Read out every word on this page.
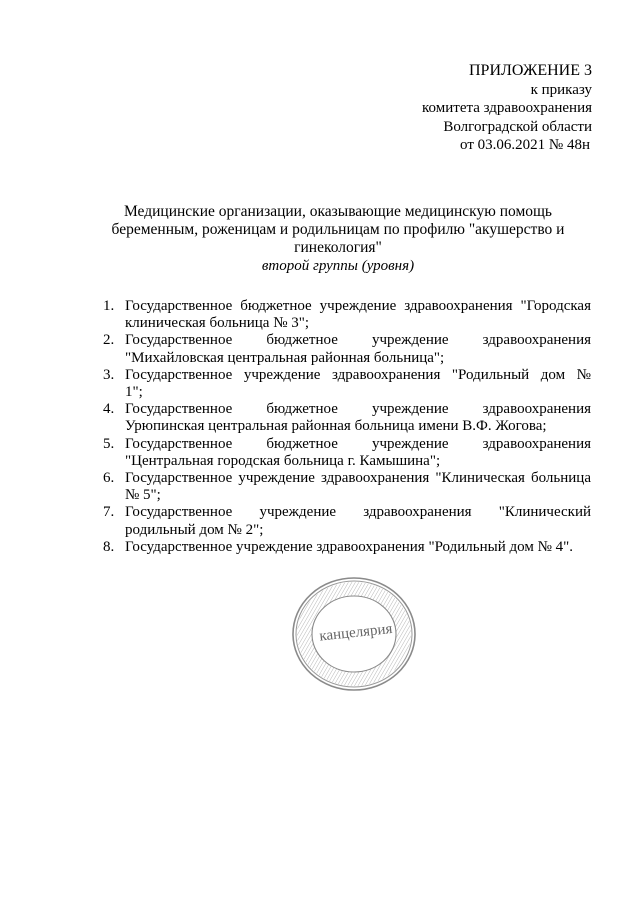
ПРИЛОЖЕНИЕ 3
к приказу
комитета здравоохранения
Волгоградской области
от 03.06.2021 № 48н
Медицинские организации, оказывающие медицинскую помощь
беременным, роженицам и родильницам по профилю "акушерство и
гинекология"
второй группы (уровня)
1. Государственное бюджетное учреждение здравоохранения "Городская
клиническая больница № 3";
2. Государственное бюджетное учреждение здравоохранения
"Михайловская центральная районная больница";
3. Государственное учреждение здравоохранения "Родильный дом №
1";
4. Государственное бюджетное учреждение здравоохранения
Урюпинская центральная районная больница имени В.Ф. Жогова;
5. Государственное бюджетное учреждение здравоохранения
"Центральная городская больница г. Камышина";
6. Государственное учреждение здравоохранения "Клиническая больница
№ 5";
7. Государственное учреждение здравоохранения "Клинический
родильный дом № 2";
8. Государственное учреждение здравоохранения "Родильный дом № 4".
канцелярия
